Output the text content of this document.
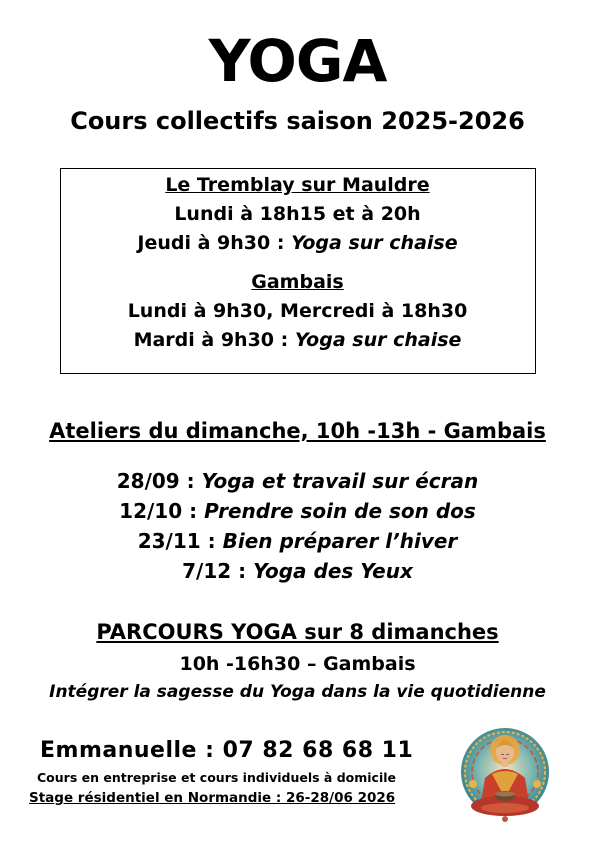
YOGA
Cours collectifs saison 2025-2026
Le Tremblay sur Mauldre
Lundi à 18h15 et à 20h
Jeudi à 9h30 : Yoga sur chaise
Gambais
Lundi à 9h30, Mercredi à 18h30
Mardi à 9h30 : Yoga sur chaise
Ateliers du dimanche, 10h -13h - Gambais
28/09 : Yoga et travail sur écran
12/10 : Prendre soin de son dos
23/11 : Bien préparer l’hiver
7/12 : Yoga des Yeux
PARCOURS YOGA sur 8 dimanches
10h -16h30 – Gambais
Intégrer la sagesse du Yoga dans la vie quotidienne
Emmanuelle : 07 82 68 68 11
Cours en entreprise et cours individuels à domicile
Stage résidentiel en Normandie : 26-28/06 2026
